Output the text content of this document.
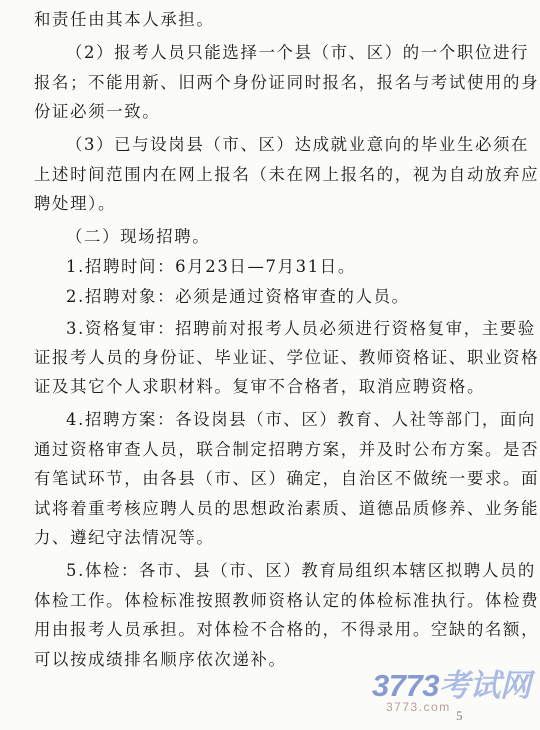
和责任由其本人承担。
（2）报考人员只能选择一个县（市、区）的一个职位进行
报名；不能用新、旧两个身份证同时报名，报名与考试使用的身
份证必须一致。
（3）已与设岗县（市、区）达成就业意向的毕业生必须在
上述时间范围内在网上报名（未在网上报名的，视为自动放弃应
聘处理）。
（二）现场招聘。
1.招聘时间：6月23日—7月31日。
2.招聘对象：必须是通过资格审查的人员。
3.资格复审：招聘前对报考人员必须进行资格复审，主要验
证报考人员的身份证、毕业证、学位证、教师资格证、职业资格
证及其它个人求职材料。复审不合格者，取消应聘资格。
4.招聘方案：各设岗县（市、区）教育、人社等部门，面向
通过资格审查人员，联合制定招聘方案，并及时公布方案。是否
有笔试环节，由各县（市、区）确定，自治区不做统一要求。面
试将着重考核应聘人员的思想政治素质、道德品质修养、业务能
力、遵纪守法情况等。
5.体检：各市、县（市、区）教育局组织本辖区拟聘人员的
体检工作。体检标准按照教师资格认定的体检标准执行。体检费
用由报考人员承担。对体检不合格的，不得录用。空缺的名额，
可以按成绩排名顺序依次递补。
3773考试网
3773.com
5
